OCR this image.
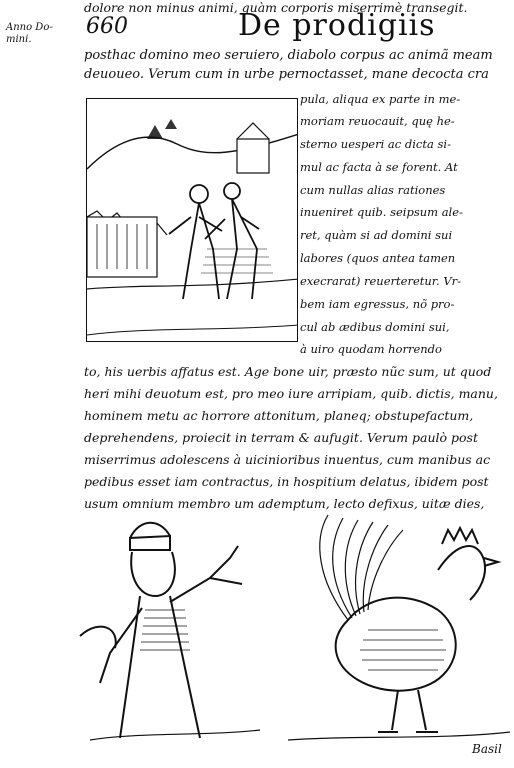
Anno Do-
mini.
660	De prodigiis
posthac domino meo seruiero, diabolo corpus ac animã meam
deuoueo. Verum cum in urbe pernoctasset, mane decocta cra
pula, aliqua ex parte in me-
moriam reuocauit, quę he-
sterno uesperi ac dicta si-
mul ac facta à se forent. At
cum nullas alias rationes
inueniret quib. seipsum ale-
ret, quàm si ad domini sui
labores (quos antea tamen
execrarat) reuerteretur. Vr-
bem iam egressus, nõ pro-
cul ab ædibus domini sui,
à uiro quodam horrendo
to, his uerbis affatus est. Age bone uir, præsto nũc sum, ut quod
heri mihi deuotum est, pro meo iure arripiam, quib. dictis, manu,
hominem metu ac horrore attonitum, planeq; obstupefactum,
deprehendens, proiecit in terram & aufugit. Verum paulò post
miserrimus adolescens à uicinioribus inuentus, cum manibus ac
pedibus esset iam contractus, in hospitium delatus, ibidem post
usum omnium membro um ademptum, lecto defixus, uitæ dies,
dolore non minus animi, quàm corporis miserrimè transegit.
Basil
